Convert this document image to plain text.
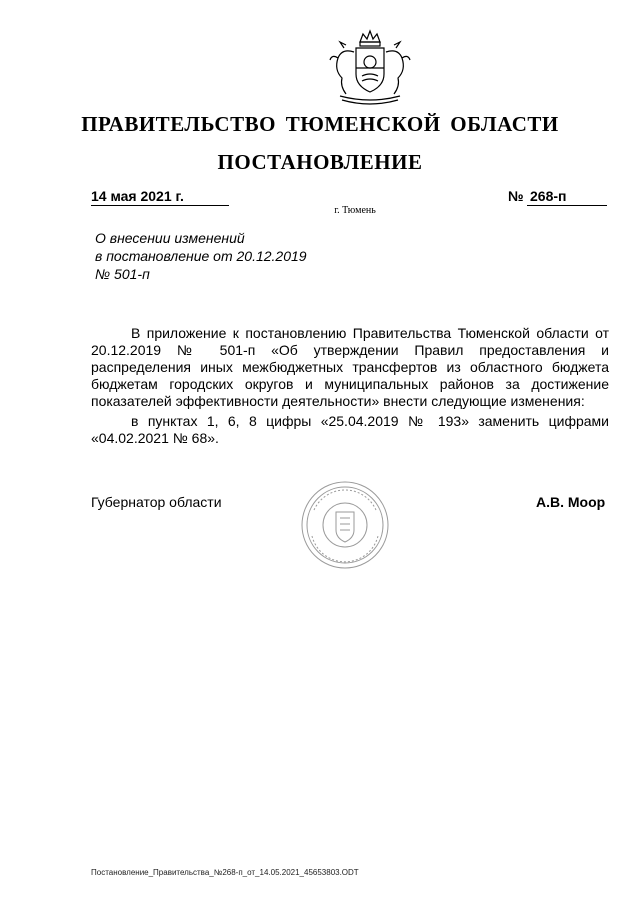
ПРАВИТЕЛЬСТВО ТЮМЕНСКОЙ ОБЛАСТИ
ПОСТАНОВЛЕНИЕ
14 мая 2021 г.	№ 268-п
г. Тюмень
О внесении изменений
в постановление от 20.12.2019
№ 501-п
В приложение к постановлению Правительства Тюменской области от 20.12.2019 № 501-п «Об утверждении Правил предоставления и распределения иных межбюджетных трансфертов из областного бюджета бюджетам городских округов и муниципальных районов за достижение показателей эффективности деятельности» внести следующие изменения:
в пунктах 1, 6, 8 цифры «25.04.2019 № 193» заменить цифрами «04.02.2021 № 68».
Губернатор области	А.В. Моор
Постановление_Правительства_№268-п_от_14.05.2021_45653803.ODT
